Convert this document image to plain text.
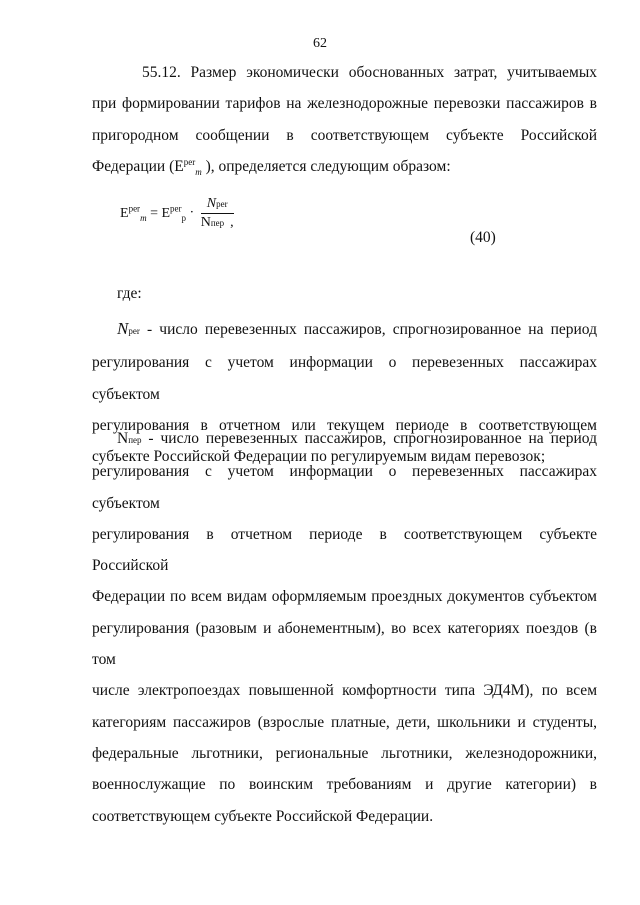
62

55.12. Размер экономически обоснованных затрат, учитываемых
при формировании тарифов на железнодорожные перевозки пассажиров в
пригородном сообщении в соответствующем субъекте Российской
Федерации ($E^{per}_m$ ), определяется следующим образом:

$E^{per}_m = E^{per}_p \cdot \frac{\text{Nper}}{\text{Nпер ,}}$
(40)
где:

Nper - число перевезенных пассажиров, спрогнозированное на период
регулирования с учетом информации о перевезенных пассажирах субъектом
регулирования в отчетном или текущем периоде в соответствующем
субъекте Российской Федерации по регулируемым видам перевозок;

Nпер - число перевезенных пассажиров, спрогнозированное на период
регулирования с учетом информации о перевезенных пассажирах субъектом
регулирования в отчетном периоде в соответствующем субъекте Российской
Федерации по всем видам оформляемым проездных документов субъектом
регулирования (разовым и абонементным), во всех категориях поездов (в том
числе электропоездах повышенной комфортности типа ЭД4М), по всем
категориям пассажиров (взрослые платные, дети, школьники и студенты,
федеральные льготники, региональные льготники, железнодорожники,
военнослужащие по воинским требованиям и другие категории) в
соответствующем субъекте Российской Федерации.
